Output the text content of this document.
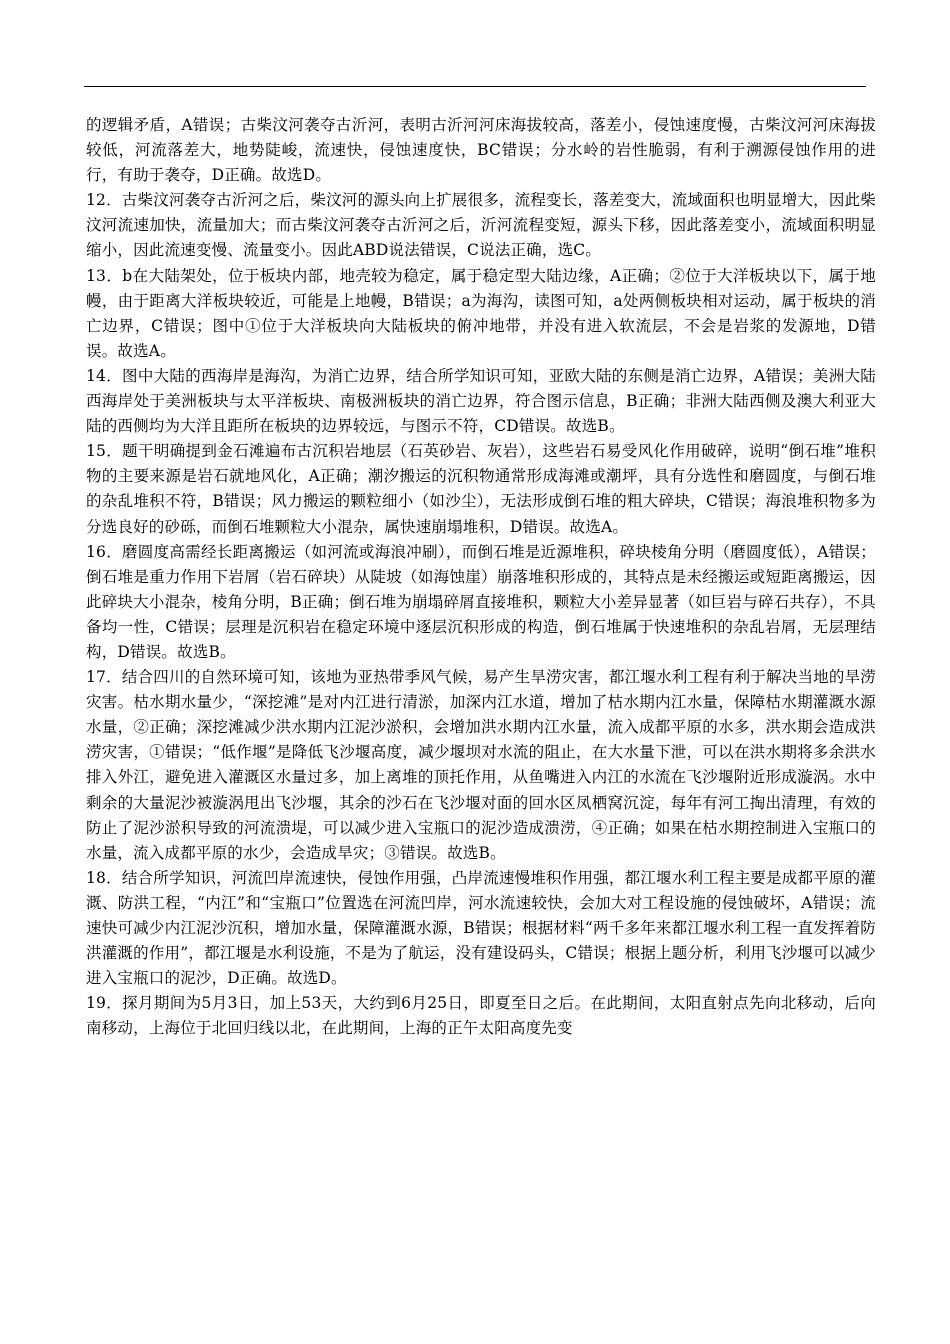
的逻辑矛盾，A错误；古柴汶河袭夺古沂河，表明古沂河河床海拔较高，落差小，侵蚀速度慢，古柴汶河河床海拔较低，河流落差大，地势陡峻，流速快，侵蚀速度快，BC错误；分水岭的岩性脆弱，有利于溯源侵蚀作用的进行，有助于袭夺，D正确。故选D。

12．古柴汶河袭夺古沂河之后，柴汶河的源头向上扩展很多，流程变长，落差变大，流域面积也明显增大，因此柴汶河流速加快，流量加大；而古柴汶河袭夺古沂河之后，沂河流程变短，源头下移，因此落差变小，流域面积明显缩小，因此流速变慢、流量变小。因此ABD说法错误，C说法正确，选C。

13．b在大陆架处，位于板块内部，地壳较为稳定，属于稳定型大陆边缘，A正确；②位于大洋板块以下，属于地幔，由于距离大洋板块较近，可能是上地幔，B错误；a为海沟，读图可知，a处两侧板块相对运动，属于板块的消亡边界，C错误；图中①位于大洋板块向大陆板块的俯冲地带，并没有进入软流层，不会是岩浆的发源地，D错误。故选A。

14．图中大陆的西海岸是海沟，为消亡边界，结合所学知识可知，亚欧大陆的东侧是消亡边界，A错误；美洲大陆西海岸处于美洲板块与太平洋板块、南极洲板块的消亡边界，符合图示信息，B正确；非洲大陆西侧及澳大利亚大陆的西侧均为大洋且距所在板块的边界较远，与图示不符，CD错误。故选B。

15．题干明确提到金石滩遍布古沉积岩地层（石英砂岩、灰岩），这些岩石易受风化作用破碎，说明“倒石堆”堆积物的主要来源是岩石就地风化，A正确；潮汐搬运的沉积物通常形成海滩或潮坪，具有分选性和磨圆度，与倒石堆的杂乱堆积不符，B错误；风力搬运的颗粒细小（如沙尘），无法形成倒石堆的粗大碎块，C错误；海浪堆积物多为分选良好的砂砾，而倒石堆颗粒大小混杂，属快速崩塌堆积，D错误。故选A。

16．磨圆度高需经长距离搬运（如河流或海浪冲刷），而倒石堆是近源堆积，碎块棱角分明（磨圆度低），A错误；倒石堆是重力作用下岩屑（岩石碎块）从陡坡（如海蚀崖）崩落堆积形成的，其特点是未经搬运或短距离搬运，因此碎块大小混杂，棱角分明，B正确；倒石堆为崩塌碎屑直接堆积，颗粒大小差异显著（如巨岩与碎石共存），不具备均一性，C错误；层理是沉积岩在稳定环境中逐层沉积形成的构造，倒石堆属于快速堆积的杂乱岩屑，无层理结构，D错误。故选B。

17．结合四川的自然环境可知，该地为亚热带季风气候，易产生旱涝灾害，都江堰水利工程有利于解决当地的旱涝灾害。枯水期水量少，“深挖滩”是对内江进行清淤，加深内江水道，增加了枯水期内江水量，保障枯水期灌溉水源水量，②正确；深挖滩减少洪水期内江泥沙淤积，会增加洪水期内江水量，流入成都平原的水多，洪水期会造成洪涝灾害，①错误；“低作堰”是降低飞沙堰高度，减少堰坝对水流的阻止，在大水量下泄，可以在洪水期将多余洪水排入外江，避免进入灌溉区水量过多，加上离堆的顶托作用，从鱼嘴进入内江的水流在飞沙堰附近形成漩涡。水中剩余的大量泥沙被漩涡甩出飞沙堰，其余的沙石在飞沙堰对面的回水区凤栖窝沉淀，每年有河工掏出清理，有效的防止了泥沙淤积导致的河流溃堤，可以减少进入宝瓶口的泥沙造成溃涝，④正确；如果在枯水期控制进入宝瓶口的水量，流入成都平原的水少，会造成旱灾；③错误。故选B。

18．结合所学知识，河流凹岸流速快，侵蚀作用强，凸岸流速慢堆积作用强，都江堰水利工程主要是成都平原的灌溉、防洪工程，“内江”和“宝瓶口”位置选在河流凹岸，河水流速较快，会加大对工程设施的侵蚀破坏，A错误；流速快可减少内江泥沙沉积，增加水量，保障灌溉水源，B错误；根据材料“两千多年来都江堰水利工程一直发挥着防洪灌溉的作用”，都江堰是水利设施，不是为了航运，没有建设码头，C错误；根据上题分析，利用飞沙堰可以减少进入宝瓶口的泥沙，D正确。故选D。

19．探月期间为5月3日，加上53天，大约到6月25日，即夏至日之后。在此期间，太阳直射点先向北移动，后向南移动，上海位于北回归线以北，在此期间，上海的正午太阳高度先变
